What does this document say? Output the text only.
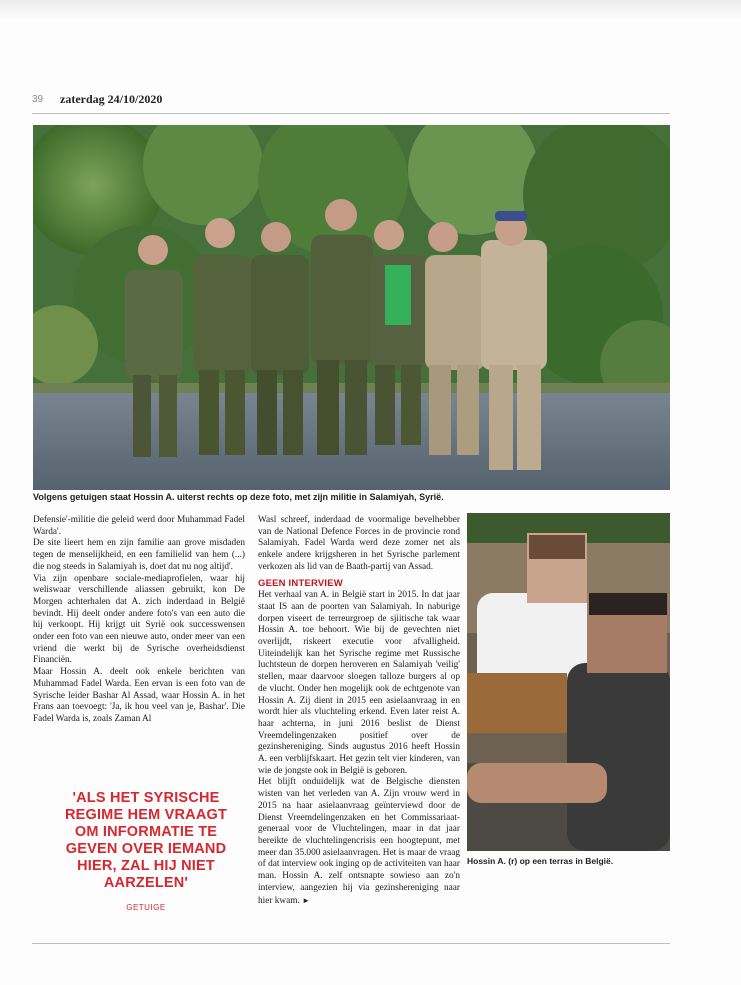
39 zaterdag 24/10/2020
Volgens getuigen staat Hossin A. uiterst rechts op deze foto, met zijn militie in Salamiyah, Syrië.

Defensie'-militie die geleid werd door Muhammad Fadel Warda'.

De site lieert hem en zijn familie aan grove misdaden tegen de menselijkheid, en een familielid van hem (...) die nog steeds in Salamiyah is, doet dat nu nog altijd'.

Via zijn openbare sociale-mediaprofielen, waar hij weliswaar verschillende aliassen gebruikt, kon De Morgen achterhalen dat A. zich inderdaad in België bevindt. Hij deelt onder andere foto's van een auto die hij verkoopt. Hij krijgt uit Syrië ook successwensen onder een foto van een nieuwe auto, onder meer van een vriend die werkt bij de Syrische overheidsdienst Financiën.

Maar Hossin A. deelt ook enkele berichten van Muhammad Fadel Warda. Een ervan is een foto van de Syrische leider Bashar Al Assad, waar Hossin A. in het Frans aan toevoegt: 'Ja, ik hou veel van je, Bashar'. Die Fadel Warda is, zoals Zaman Al

'ALS HET SYRISCHE REGIME HEM VRAAGT OM INFORMATIE TE GEVEN OVER IEMAND HIER, ZAL HIJ NIET AARZELEN'
GETUIGE

Wasl schreef, inderdaad de voormalige bevelhebber van de National Defence Forces in de provincie rond Salamiyah. Fadel Warda werd deze zomer net als enkele andere krijgsheren in het Syrische parlement verkozen als lid van de Baath-partij van Assad.

GEEN INTERVIEW

Het verhaal van A. in België start in 2015. In dat jaar staat IS aan de poorten van Salamiyah. In naburige dorpen viseert de terreurgroep de sjiitische tak waar Hossin A. toe behoort. Wie bij de gevechten niet overlijdt, riskeert executie voor afvalligheid. Uiteindelijk kan het Syrische regime met Russische luchtsteun de dorpen heroveren en Salamiyah 'veilig' stellen, maar daarvoor sloegen talloze burgers al op de vlucht. Onder hen mogelijk ook de echtgenote van Hossin A. Zij dient in 2015 een asielaanvraag in en wordt hier als vluchteling erkend. Even later reist A. haar achterna, in juni 2016 beslist de Dienst Vreemdelingenzaken positief over de gezinshereniging. Sinds augustus 2016 heeft Hossin A. een verblijfskaart. Het gezin telt vier kinderen, van wie de jongste ook in België is geboren.

Het blijft onduidelijk wat de Belgische diensten wisten van het verleden van A. Zijn vrouw werd in 2015 na haar asielaanvraag geïnterviewd door de Dienst Vreemdelingenzaken en het Commissariaat-generaal voor de Vluchtelingen, maar in dat jaar bereikte de vluchtelingencrisis een hoogtepunt, met meer dan 35.000 asielaanvragen. Het is maar de vraag of dat interview ook inging op de activiteiten van haar man. Hossin A. zelf ontsnapte sowieso aan zo'n interview, aangezien hij via gezinshereniging naar hier kwam. ►

Hossin A. (r) op een terras in België.
